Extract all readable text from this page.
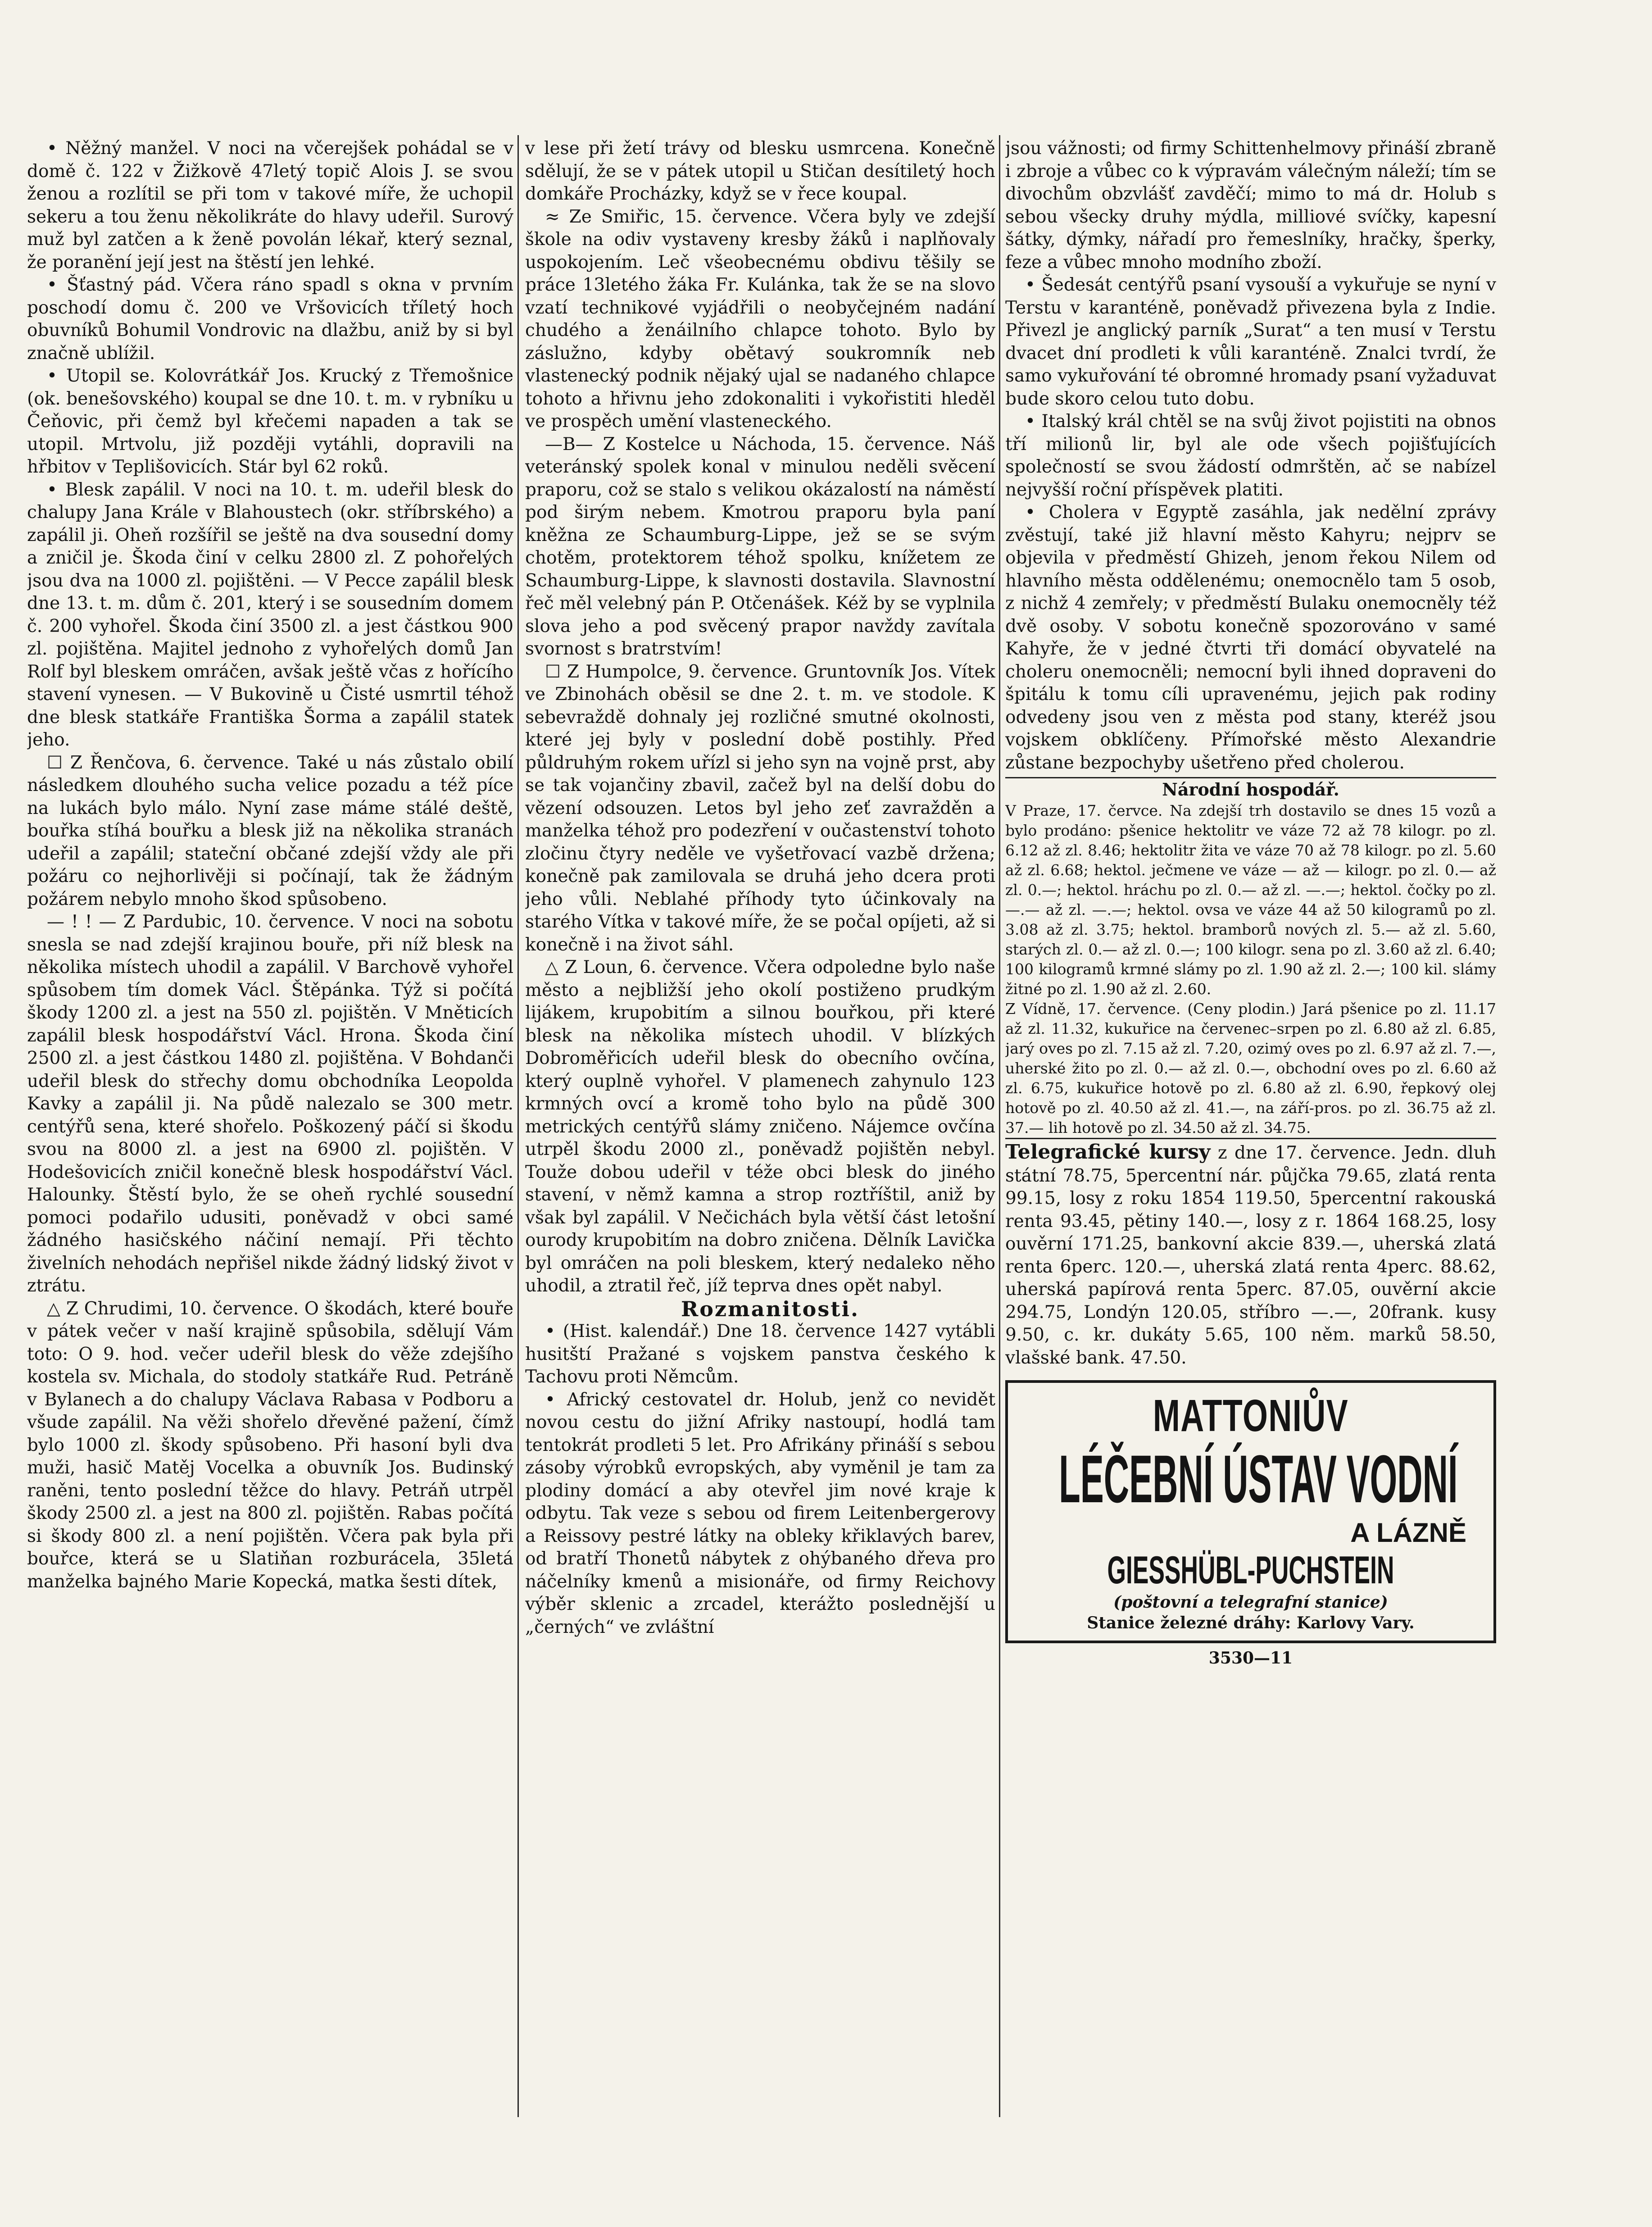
• Něžný manžel. V noci na včerejšek pohádal se v domě č. 122 v Žižkově 47letý topič Alois J. se svou ženou a rozlítil se při tom v takové míře, že uchopil sekeru a tou ženu několikráte do hlavy udeřil. Surový muž byl zatčen a k ženě povolán lékař, který seznal, že poranění její jest na štěstí jen lehké.

• Šťastný pád. Včera ráno spadl s okna v prvním poschodí domu č. 200 ve Vršovicích tříletý hoch obuvníků Bohumil Vondrovic na dlažbu, aniž by si byl značně ublížil.

• Utopil se. Kolovrátkář Jos. Krucký z Třemošnice (ok. benešovského) koupal se dne 10. t. m. v rybníku u Čeňovic, při čemž byl křečemi napaden a tak se utopil. Mrtvolu, již později vytáhli, dopravili na hřbitov v Teplišovicích. Stár byl 62 roků.

• Blesk zapálil. V noci na 10. t. m. udeřil blesk do chalupy Jana Krále v Blahoustech (okr. stříbrského) a zapálil ji. Oheň rozšířil se ještě na dva sousední domy a zničil je. Škoda činí v celku 2800 zl. Z pohořelých jsou dva na 1000 zl. pojištěni. — V Pecce zapálil blesk dne 13. t. m. dům č. 201, který i se sousedním domem č. 200 vyhořel. Škoda činí 3500 zl. a jest částkou 900 zl. pojištěna. Majitel jednoho z vyhořelých domů Jan Rolf byl bleskem omráčen, avšak ještě včas z hořícího stavení vynesen. — V Bukovině u Čisté usmrtil téhož dne blesk statkáře Františka Šorma a zapálil statek jeho.

☐ Z Řenčova, 6. července. Také u nás zůstalo obilí následkem dlouhého sucha velice pozadu a též píce na lukách bylo málo. Nyní zase máme stálé deště, bouřka stíhá bouřku a blesk již na několika stranách udeřil a zapálil; stateční občané zdejší vždy ale při požáru co nejhorlivěji si počínají, tak že žádným požárem nebylo mnoho škod spůsobeno.

— ! ! — Z Pardubic, 10. července. V noci na sobotu snesla se nad zdejší krajinou bouře, při níž blesk na několika místech uhodil a zapálil. V Barchově vyhořel spůsobem tím domek Václ. Štěpánka. Týž si počítá škody 1200 zl. a jest na 550 zl. pojištěn. V Mněticích zapálil blesk hospodářství Václ. Hrona. Škoda činí 2500 zl. a jest částkou 1480 zl. pojištěna. V Bohdanči udeřil blesk do střechy domu obchodníka Leopolda Kavky a zapálil ji. Na půdě nalezalo se 300 metr. centýřů sena, které shořelo. Poškozený páčí si škodu svou na 8000 zl. a jest na 6900 zl. pojištěn. V Hodešovicích zničil konečně blesk hospodářství Václ. Halounky. Štěstí bylo, že se oheň rychlé sousední pomoci podařilo udusiti, poněvadž v obci samé žádného hasičského náčiní nemají. Při těchto živelních nehodách nepřišel nikde žádný lidský život v ztrátu.

△ Z Chrudimi, 10. července. O škodách, které bouře v pátek večer v naší krajině spůsobila, sdělují Vám toto: O 9. hod. večer udeřil blesk do věže zdejšího kostela sv. Michala, do stodoly statkáře Rud. Petráně v Bylanech a do chalupy Václava Rabasa v Podboru a všude zapálil. Na věži shořelo dřevěné pažení, čímž bylo 1000 zl. škody spůsobeno. Při hasoní byli dva muži, hasič Matěj Vocelka a obuvník Jos. Budinský raněni, tento poslední těžce do hlavy. Petráň utrpěl škody 2500 zl. a jest na 800 zl. pojištěn. Rabas počítá si škody 800 zl. a není pojištěn. Včera pak byla při bouřce, která se u Slatiňan rozburácela, 35letá manželka bajného Marie Kopecká, matka šesti dítek,

v lese při žetí trávy od blesku usmrcena. Konečně sdělují, že se v pátek utopil u Stičan desítiletý hoch domkáře Procházky, když se v řece koupal.

≈ Ze Smiřic, 15. července. Včera byly ve zdejší škole na odiv vystaveny kresby žáků i naplňovaly uspokojením. Leč všeobecnému obdivu těšily se práce 13letého žáka Fr. Kulánka, tak že se na slovo vzatí technikové vyjádřili o neobyčejném nadání chudého a ženáilního chlapce tohoto. Bylo by záslužno, kdyby obětavý soukromník neb vlastenecký podnik nějaký ujal se nadaného chlapce tohoto a hřivnu jeho zdokonaliti i vykořistiti hleděl ve prospěch umění vlasteneckého.

—B— Z Kostelce u Náchoda, 15. července. Náš veteránský spolek konal v minulou neděli svěcení praporu, což se stalo s velikou okázalostí na náměstí pod širým nebem. Kmotrou praporu byla paní kněžna ze Schaumburg-Lippe, jež se se svým chotěm, protektorem téhož spolku, knížetem ze Schaumburg-Lippe, k slavnosti dostavila. Slavnostní řeč měl velebný pán P. Otčenášek. Kéž by se vyplnila slova jeho a pod svěcený prapor navždy zavítala svornost s bratrstvím!

☐ Z Humpolce, 9. července. Gruntovník Jos. Vítek ve Zbinohách oběsil se dne 2. t. m. ve stodole. K sebevraždě dohnaly jej rozličné smutné okolnosti, které jej byly v poslední době postihly. Před půldruhým rokem uřízl si jeho syn na vojně prst, aby se tak vojančiny zbavil, začež byl na delší dobu do vězení odsouzen. Letos byl jeho zeť zavražděn a manželka téhož pro podezření v oučastenství tohoto zločinu čtyry neděle ve vyšetřovací vazbě držena; konečně pak zamilovala se druhá jeho dcera proti jeho vůli. Neblahé příhody tyto účinkovaly na starého Vítka v takové míře, že se počal opíjeti, až si konečně i na život sáhl.

△ Z Loun, 6. července. Včera odpoledne bylo naše město a nejbližší jeho okolí postiženo prudkým lijákem, krupobitím a silnou bouřkou, při které blesk na několika místech uhodil. V blízkých Dobroměřicích udeřil blesk do obecního ovčína, který ouplně vyhořel. V plamenech zahynulo 123 krmných ovcí a kromě toho bylo na půdě 300 metrických centýřů slámy zničeno. Nájemce ovčína utrpěl škodu 2000 zl., poněvadž pojištěn nebyl. Touže dobou udeřil v téže obci blesk do jiného stavení, v němž kamna a strop roztříštil, aniž by však byl zapálil. V Nečichách byla větší část letošní ourody krupobitím na dobro zničena. Dělník Lavička byl omráčen na poli bleskem, který nedaleko něho uhodil, a ztratil řeč, jíž teprva dnes opět nabyl.

Rozmanitosti.

• (Hist. kalendář.) Dne 18. července 1427 vytábli husitští Pražané s vojskem panstva českého k Tachovu proti Němcům.

• Africký cestovatel dr. Holub, jenž co nevidět novou cestu do jižní Afriky nastoupí, hodlá tam tentokrát prodleti 5 let. Pro Afrikány přináší s sebou zásoby výrobků evropských, aby vyměnil je tam za plodiny domácí a aby otevřel jim nové kraje k odbytu. Tak veze s sebou od firem Leitenbergerovy a Reissovy pestré látky na obleky křiklavých barev, od bratří Thonetů nábytek z ohýbaného dřeva pro náčelníky kmenů a misionáře, od firmy Reichovy výběr sklenic a zrcadel, kterážto poslednější u „černých“ ve zvláštní

jsou vážnosti; od firmy Schittenhelmovy přináší zbraně i zbroje a vůbec co k výpravám válečným náleží; tím se divochům obzvlášť zavděčí; mimo to má dr. Holub s sebou všecky druhy mýdla, milliové svíčky, kapesní šátky, dýmky, nářadí pro řemeslníky, hračky, šperky, feze a vůbec mnoho modního zboží.

• Šedesát centýřů psaní vysouší a vykuřuje se nyní v Terstu v karanténě, poněvadž přivezena byla z Indie. Přivezl je anglický parník „Surat“ a ten musí v Terstu dvacet dní prodleti k vůli karanténě. Znalci tvrdí, že samo vykuřování té obromné hromady psaní vyžaduvat bude skoro celou tuto dobu.

• Italský král chtěl se na svůj život pojistiti na obnos tří milionů lir, byl ale ode všech pojišťujících společností se svou žádostí odmrštěn, ač se nabízel nejvyšší roční příspěvek platiti.

• Cholera v Egyptě zasáhla, jak nedělní zprávy zvěstují, také již hlavní město Kahyru; nejprv se objevila v předměstí Ghizeh, jenom řekou Nilem od hlavního města oddělenému; onemocnělo tam 5 osob, z nichž 4 zemřely; v předměstí Bulaku onemocněly též dvě osoby. V sobotu konečně spozorováno v samé Kahyře, že v jedné čtvrti tři domácí obyvatelé na choleru onemocněli; nemocní byli ihned dopraveni do špitálu k tomu cíli upravenému, jejich pak rodiny odvedeny jsou ven z města pod stany, kteréž jsou vojskem obklíčeny. Přímořské město Alexandrie zůstane bezpochyby ušetřeno před cholerou.

Národní hospodář.

V Praze, 17. červce. Na zdejší trh dostavilo se dnes 15 vozů a bylo prodáno: pšenice hektolitr ve váze 72 až 78 kilogr. po zl. 6.12 až zl. 8.46; hektolitr žita ve váze 70 až 78 kilogr. po zl. 5.60 až zl. 6.68; hektol. ječmene ve váze — až — kilogr. po zl. 0.— až zl. 0.—; hektol. hráchu po zl. 0.— až zl. —.—; hektol. čočky po zl. —.— až zl. —.—; hektol. ovsa ve váze 44 až 50 kilogramů po zl. 3.08 až zl. 3.75; hektol. bramborů nových zl. 5.— až zl. 5.60, starých zl. 0.— až zl. 0.—; 100 kilogr. sena po zl. 3.60 až zl. 6.40; 100 kilogramů krmné slámy po zl. 1.90 až zl. 2.—; 100 kil. slámy žitné po zl. 1.90 až zl. 2.60.

Z Vídně, 17. července. (Ceny plodin.) Jará pšenice po zl. 11.17 až zl. 11.32, kukuřice na červenec–srpen po zl. 6.80 až zl. 6.85, jarý oves po zl. 7.15 až zl. 7.20, ozimý oves po zl. 6.97 až zl. 7.—, uherské žito po zl. 0.— až zl. 0.—, obchodní oves po zl. 6.60 až zl. 6.75, kukuřice hotově po zl. 6.80 až zl. 6.90, řepkový olej hotově po zl. 40.50 až zl. 41.—, na září-pros. po zl. 36.75 až zl. 37.— lih hotově po zl. 34.50 až zl. 34.75.

Telegrafické kursy z dne 17. července. Jedn. dluh státní 78.75, 5percentní nár. půjčka 79.65, zlatá renta 99.15, losy z roku 1854 119.50, 5percentní rakouská renta 93.45, pětiny 140.—, losy z r. 1864 168.25, losy ouvěrní 171.25, bankovní akcie 839.—, uherská zlatá renta 6perc. 120.—, uherská zlatá renta 4perc. 88.62, uherská papírová renta 5perc. 87.05, ouvěrní akcie 294.75, Londýn 120.05, stříbro —.—, 20frank. kusy 9.50, c. kr. dukáty 5.65, 100 něm. marků 58.50, vlašské bank. 47.50.
MATTONIŮV
LÉČEBNÍ ÚSTAV VODNÍ
A LÁZNĚ
GIESSHÜBL-PUCHSTEIN
(poštovní a telegrafní stanice)
Stanice železné dráhy: Karlovy Vary.
3530—11
